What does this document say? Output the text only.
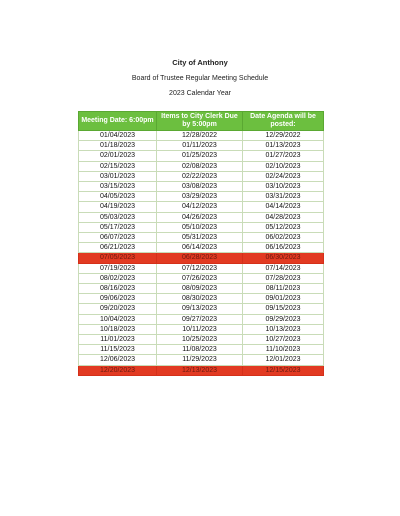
City of Anthony
Board of Trustee Regular Meeting Schedule
2023 Calendar Year
Meeting Date: 6:00pm	Items to City Clerk Due by 5:00pm	Date Agenda will be posted:
01/04/2023	12/28/2022	12/29/2022
01/18/2023	01/11/2023	01/13/2023
02/01/2023	01/25/2023	01/27/2023
02/15/2023	02/08/2023	02/10/2023
03/01/2023	02/22/2023	02/24/2023
03/15/2023	03/08/2023	03/10/2023
04/05/2023	03/29/2023	03/31/2023
04/19/2023	04/12/2023	04/14/2023
05/03/2023	04/26/2023	04/28/2023
05/17/2023	05/10/2023	05/12/2023
06/07/2023	05/31/2023	06/02/2023
06/21/2023	06/14/2023	06/16/2023
07/05/2023	06/28/2023	06/30/2023
07/19/2023	07/12/2023	07/14/2023
08/02/2023	07/26/2023	07/28/2023
08/16/2023	08/09/2023	08/11/2023
09/06/2023	08/30/2023	09/01/2023
09/20/2023	09/13/2023	09/15/2023
10/04/2023	09/27/2023	09/29/2023
10/18/2023	10/11/2023	10/13/2023
11/01/2023	10/25/2023	10/27/2023
11/15/2023	11/08/2023	11/10/2023
12/06/2023	11/29/2023	12/01/2023
12/20/2023	12/13/2023	12/15/2023
